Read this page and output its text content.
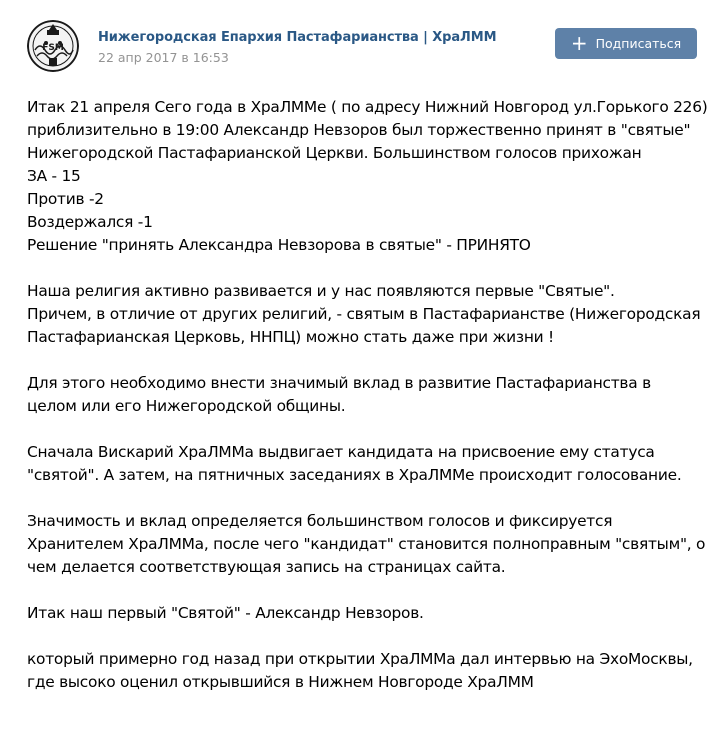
FSM
Нижегородская Епархия Пастафарианства | ХраЛММ
22 апр 2017 в 16:53
+ Подписаться
Итак 21 апреля Сего года в ХраЛММе ( по адресу Нижний Новгород ул.Горького 226)
приблизительно в 19:00 Александр Невзоров был торжественно принят в "святые"
Нижегородской Пастафарианской Церкви. Большинством голосов прихожан
ЗА - 15
Против -2
Воздержался -1
Решение "принять Александра Невзорова в святые" - ПРИНЯТО
Наша религия активно развивается и у нас появляются первые "Святые".
Причем, в отличие от других религий, - святым в Пастафарианстве (Нижегородская
Пастафарианская Церковь, ННПЦ) можно стать даже при жизни !
Для этого необходимо внести значимый вклад в развитие Пастафарианства в
целом или его Нижегородской общины.
Сначала Вискарий ХраЛММа выдвигает кандидата на присвоение ему статуса
"святой". А затем, на пятничных заседаниях в ХраЛММе происходит голосование.
Значимость и вклад определяется большинством голосов и фиксируется
Хранителем ХраЛММа, после чего "кандидат" становится полноправным "святым", о
чем делается соответствующая запись на страницах сайта.
Итак наш первый "Святой" - Александр Невзоров.
который примерно год назад при открытии ХраЛММа дал интервью на ЭхоМосквы,
где высоко оценил открывшийся в Нижнем Новгороде ХраЛММ
